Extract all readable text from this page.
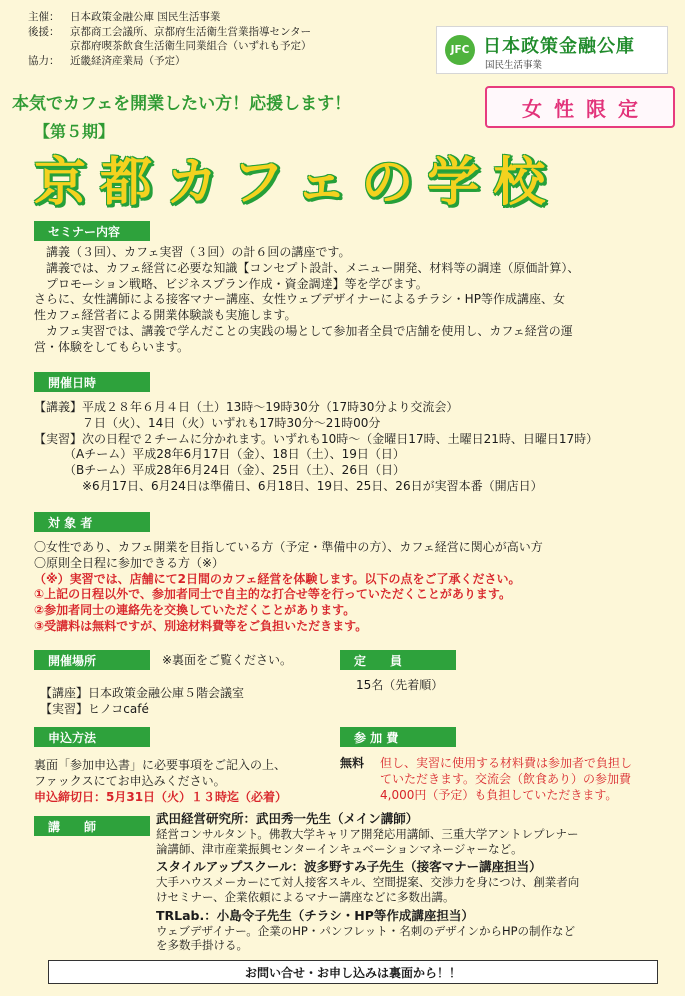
主催：	日本政策金融公庫 国民生活事業
後援：	京都商工会議所、京都府生活衛生営業指導センター
京都府喫茶飲食生活衛生同業組合（いずれも予定）
協力：	近畿経済産業局（予定）
JFC 日本政策金融公庫
国民生活事業
本気でカフェを開業したい方！応援します！
【第５期】
女性限定
京都カフェの学校
セミナー内容
　講義（３回）、カフェ実習（３回）の計６回の講座です。
　講義では、カフェ経営に必要な知識【コンセプト設計、メニュー開発、材料等の調達（原価計算）、
　プロモーション戦略、ビジネスプラン作成・資金調達】等を学びます。
さらに、女性講師による接客マナー講座、女性ウェブデザイナーによるチラシ・HP等作成講座、女
性カフェ経営者による開業体験談も実施します。
　カフェ実習では、講義で学んだことの実践の場として参加者全員で店舗を使用し、カフェ経営の運
営・体験をしてもらいます。
開催日時
【講義】平成２８年６月４日（土）13時～19時30分（17時30分より交流会）
　　　　７日（火）、14日（火）いずれも17時30分～21時00分
【実習】次の日程で２チームに分かれます。いずれも10時～（金曜日17時、土曜日21時、日曜日17時）
　　　（Aチーム）平成28年6月17日（金）、18日（土）、19日（日）
　　　（Bチーム）平成28年6月24日（金）、25日（土）、26日（日）
　　　　※6月17日、6月24日は準備日、6月18日、19日、25日、26日が実習本番（開店日）
対 象 者
〇女性であり、カフェ開業を目指している方（予定・準備中の方）、カフェ経営に関心が高い方
〇原則全日程に参加できる方（※）
（※）実習では、店舗にて2日間のカフェ経営を体験します。以下の点をご了承ください。
①上記の日程以外で、参加者同士で自主的な打合せ等を行っていただくことがあります。
②参加者同士の連絡先を交換していただくことがあります。
③受講料は無料ですが、別途材料費等をご負担いただきます。
開催場所	※裏面をご覧ください。
【講座】日本政策金融公庫５階会議室
【実習】ヒノコcafé
定　　員
15名（先着順）
申込方法
裏面「参加申込書」に必要事項をご記入の上、
ファックスにてお申込みください。
申込締切日：5月31日（火）１３時迄（必着）
参 加 費
無料 但し、実習に使用する材料費は参加者で負担し
ていただきます。交流会（飲食あり）の参加費
4,000円（予定）も負担していただきます。
講　　師
武田経営研究所：武田秀一先生（メイン講師）
経営コンサルタント。佛教大学キャリア開発応用講師、三重大学アントレプレナー
論講師、津市産業振興センターインキュベーションマネージャーなど。
スタイルアップスクール：波多野すみ子先生（接客マナー講座担当）
大手ハウスメーカーにて対人接客スキル、空間提案、交渉力を身につけ、創業者向
けセミナー、企業依頼によるマナー講座などに多数出講。
TRLab.：小島令子先生（チラシ・HP等作成講座担当）
ウェブデザイナー。企業のHP・パンフレット・名刺のデザインからHPの制作など
を多数手掛ける。
お問い合せ・お申し込みは裏面から！！
